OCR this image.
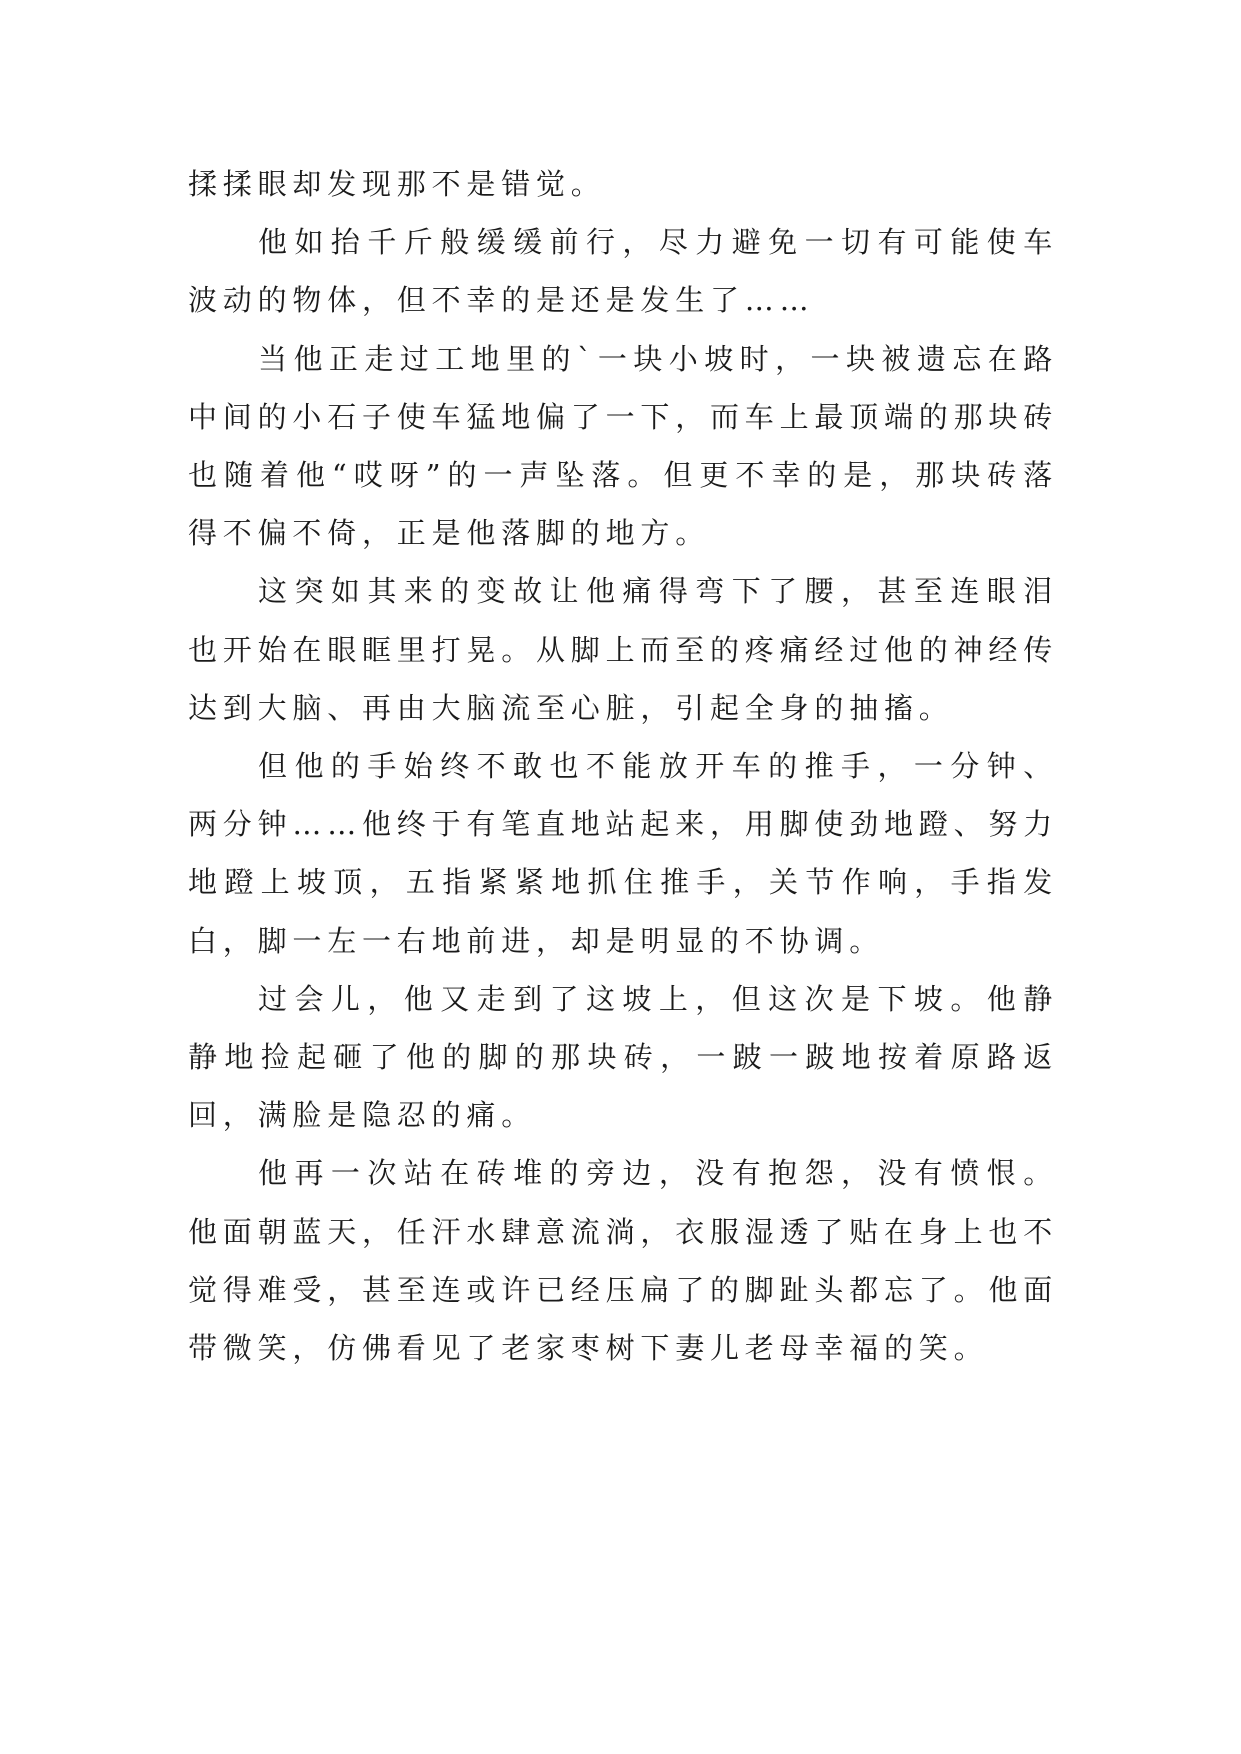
揉揉眼却发现那不是错觉。

他如抬千斤般缓缓前行，尽力避免一切有可能使车波动的物体，但不幸的是还是发生了……

当他正走过工地里的`一块小坡时，一块被遗忘在路中间的小石子使车猛地偏了一下，而车上最顶端的那块砖也随着他“哎呀”的一声坠落。但更不幸的是，那块砖落得不偏不倚，正是他落脚的地方。

这突如其来的变故让他痛得弯下了腰，甚至连眼泪也开始在眼眶里打晃。从脚上而至的疼痛经过他的神经传达到大脑、再由大脑流至心脏，引起全身的抽搐。

但他的手始终不敢也不能放开车的推手，一分钟、两分钟……他终于有笔直地站起来，用脚使劲地蹬、努力地蹬上坡顶，五指紧紧地抓住推手，关节作响，手指发白，脚一左一右地前进，却是明显的不协调。

过会儿，他又走到了这坡上，但这次是下坡。他静静地捡起砸了他的脚的那块砖，一跛一跛地按着原路返回，满脸是隐忍的痛。

他再一次站在砖堆的旁边，没有抱怨，没有愤恨。他面朝蓝天，任汗水肆意流淌，衣服湿透了贴在身上也不觉得难受，甚至连或许已经压扁了的脚趾头都忘了。他面带微笑，仿佛看见了老家枣树下妻儿老母幸福的笑。
